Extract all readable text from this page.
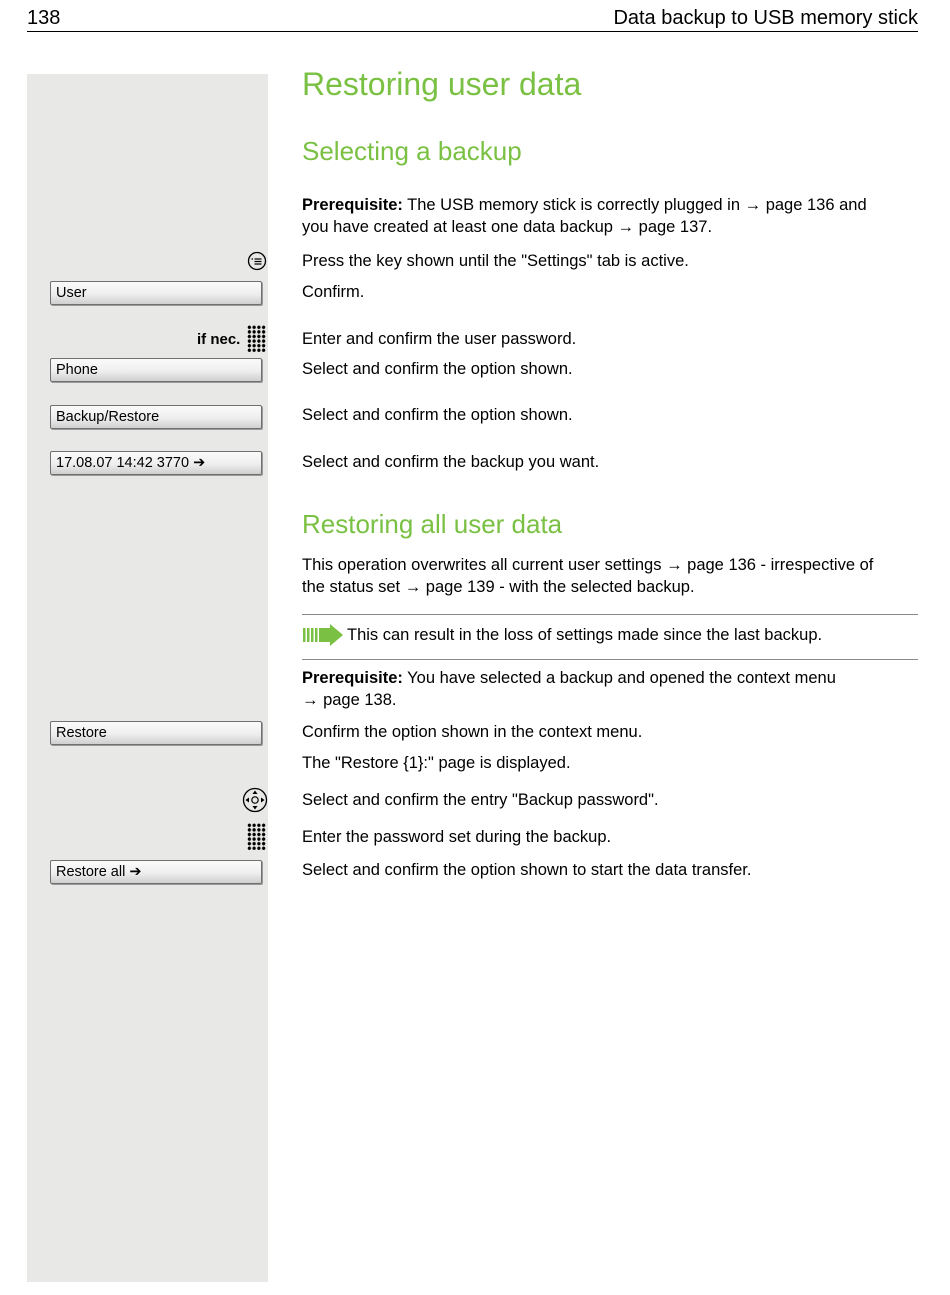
138	Data backup to USB memory stick
Restoring user data
Selecting a backup
Prerequisite: The USB memory stick is correctly plugged in → page 136 and
you have created at least one data backup → page 137.
Press the key shown until the "Settings" tab is active.
User	Confirm.
if nec.	Enter and confirm the user password.
Phone	Select and confirm the option shown.
Backup/Restore	Select and confirm the option shown.
17.08.07 14:42 3770 ➔	Select and confirm the backup you want.
Restoring all user data
This operation overwrites all current user settings → page 136 - irrespective of
the status set → page 139 - with the selected backup.
This can result in the loss of settings made since the last backup.
Prerequisite: You have selected a backup and opened the context menu
→ page 138.
Restore	Confirm the option shown in the context menu.
The "Restore {1}:" page is displayed.
Select and confirm the entry "Backup password".
Enter the password set during the backup.
Restore all ➔	Select and confirm the option shown to start the data transfer.
